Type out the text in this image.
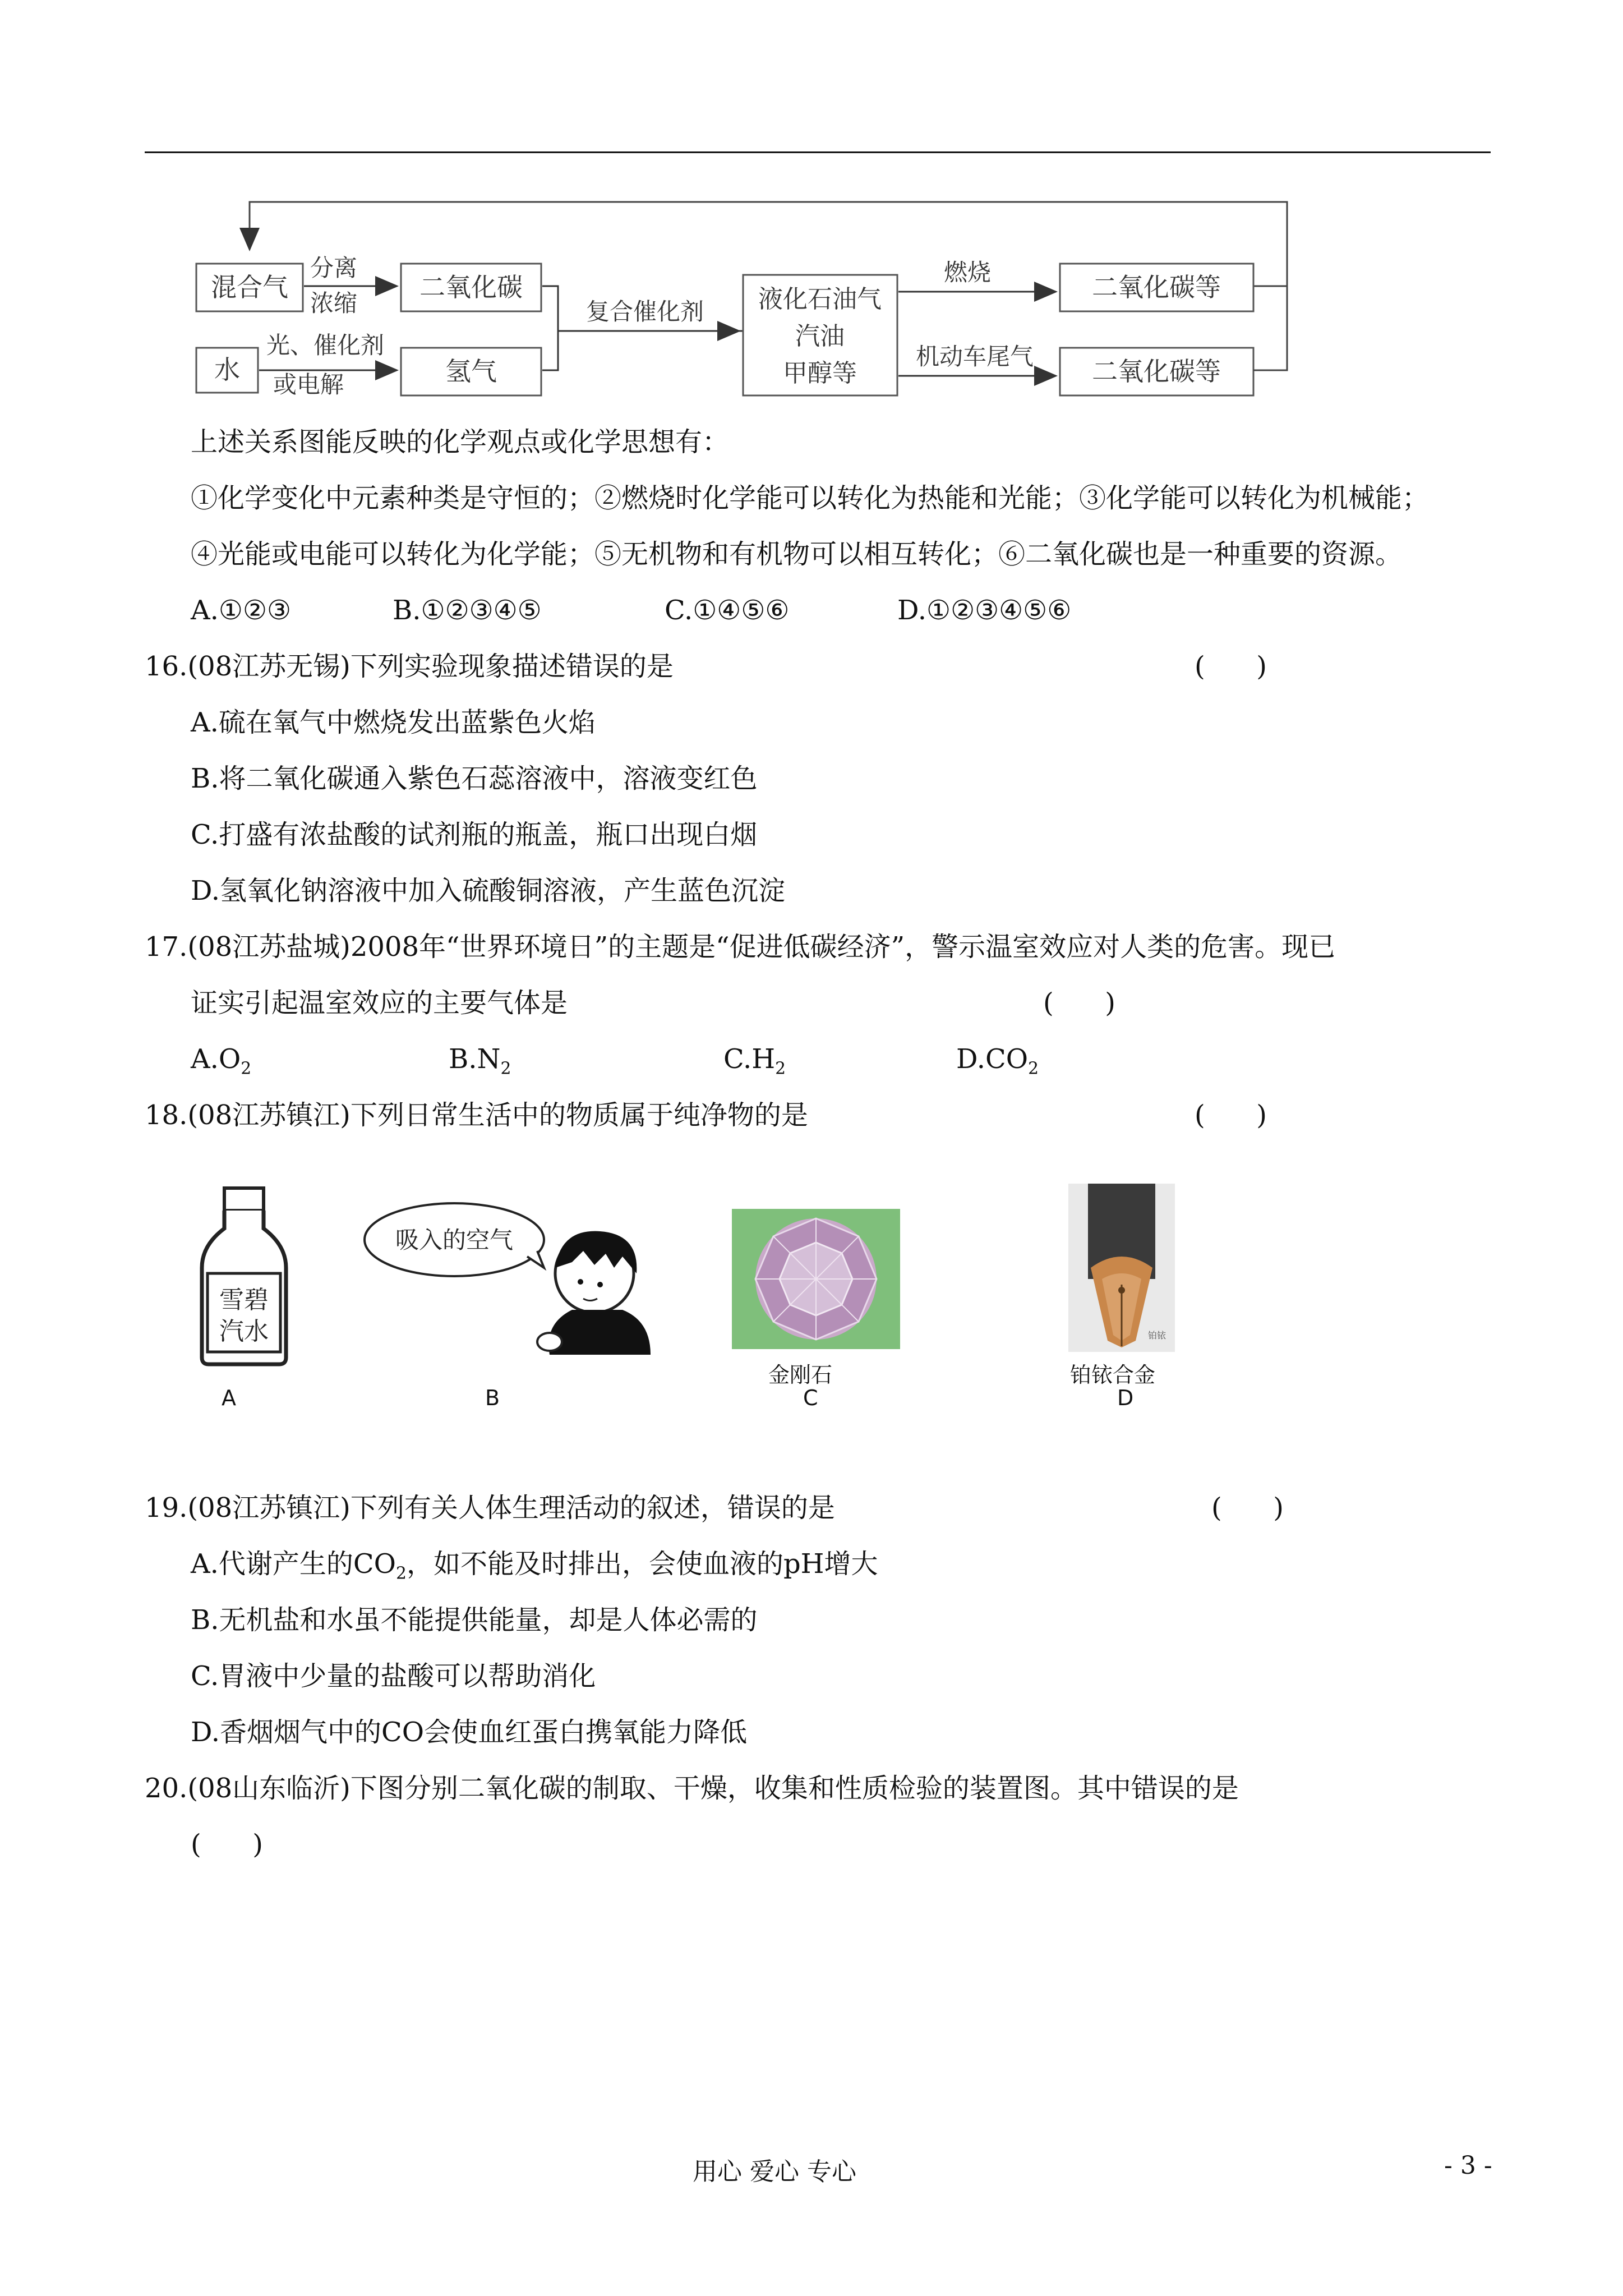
混合气
水
分离
浓缩
光、催化剂
或电解
二氧化碳
氢气
复合催化剂 液化石油气
汽油
甲醇等
燃烧
机动车尾气
二氧化碳等
二氧化碳等
上述关系图能反映的化学观点或化学思想有：
①化学变化中元素种类是守恒的；②燃烧时化学能可以转化为热能和光能；③化学能可以转化为机械能；
④光能或电能可以转化为化学能；⑤无机物和有机物可以相互转化；⑥二氧化碳也是一种重要的资源。
A.①②③	B.①②③④⑤	C.①④⑤⑥	D.①②③④⑤⑥
16.(08江苏无锡)下列实验现象描述错误的是	(      )
A.硫在氧气中燃烧发出蓝紫色火焰
B.将二氧化碳通入紫色石蕊溶液中，溶液变红色
C.打盛有浓盐酸的试剂瓶的瓶盖，瓶口出现白烟
D.氢氧化钠溶液中加入硫酸铜溶液，产生蓝色沉淀
17.(08江苏盐城)2008年“世界环境日”的主题是“促进低碳经济”，警示温室效应对人类的危害。现已
证实引起温室效应的主要气体是	(      )
$A.O_2$	$B.N_2$	$C.H_2$	$D.CO_2$
18.(08江苏镇江)下列日常生活中的物质属于纯净物的是	(      )
雪碧
汽水
A
吸入的空气
B
金刚石
C
铂铱
铂铱合金
D
19.(08江苏镇江)下列有关人体生理活动的叙述，错误的是	(      )
A.代谢产生的$CO_2$，如不能及时排出，会使血液的pH增大
B.无机盐和水虽不能提供能量，却是人体必需的
C.胃液中少量的盐酸可以帮助消化
D.香烟烟气中的CO会使血红蛋白携氧能力降低
20.(08山东临沂)下图分别二氧化碳的制取、干燥，收集和性质检验的装置图。其中错误的是
(      )
用心 爱心 专心	- 3 -
